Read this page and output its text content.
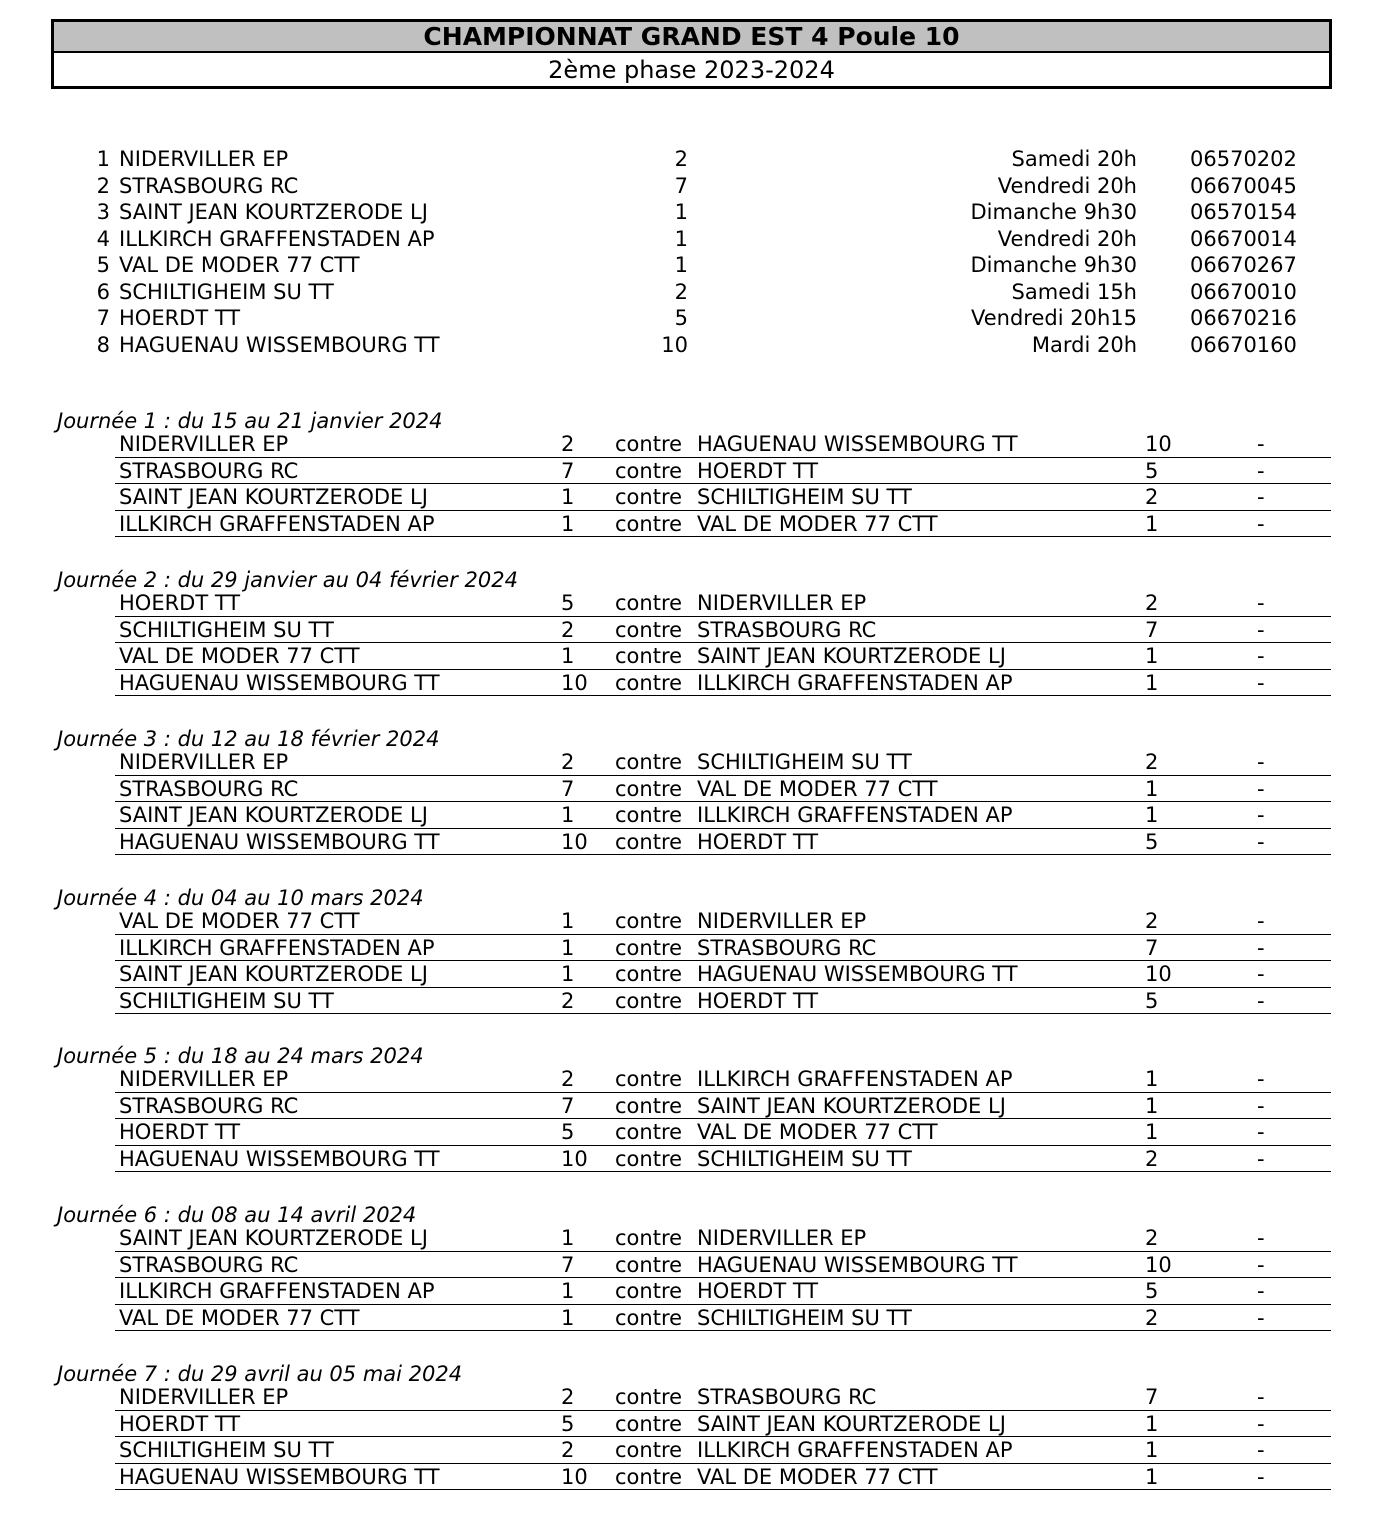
CHAMPIONNAT GRAND EST 4 Poule 10
2ème phase 2023-2024
1 NIDERVILLER EP	2	Samedi 20h	06570202
2 STRASBOURG RC	7	Vendredi 20h	06670045
3 SAINT JEAN KOURTZERODE LJ	1	Dimanche 9h30	06570154
4 ILLKIRCH GRAFFENSTADEN AP	1	Vendredi 20h	06670014
5 VAL DE MODER 77 CTT	1	Dimanche 9h30	06670267
6 SCHILTIGHEIM SU TT	2	Samedi 15h	06670010
7 HOERDT TT	5	Vendredi 20h15	06670216
8 HAGUENAU WISSEMBOURG TT	10	Mardi 20h	06670160
Journée 1 : du 15 au 21 janvier 2024
NIDERVILLER EP	2	contre HAGUENAU WISSEMBOURG TT	10	-
STRASBOURG RC	7	contre HOERDT TT	5	-
SAINT JEAN KOURTZERODE LJ	1	contre SCHILTIGHEIM SU TT	2	-
ILLKIRCH GRAFFENSTADEN AP	1	contre VAL DE MODER 77 CTT	1	-
Journée 2 : du 29 janvier au 04 février 2024
HOERDT TT	5	contre NIDERVILLER EP	2	-
SCHILTIGHEIM SU TT	2	contre STRASBOURG RC	7	-
VAL DE MODER 77 CTT	1	contre SAINT JEAN KOURTZERODE LJ	1	-
HAGUENAU WISSEMBOURG TT	10	contre ILLKIRCH GRAFFENSTADEN AP	1	-
Journée 3 : du 12 au 18 février 2024
NIDERVILLER EP	2	contre SCHILTIGHEIM SU TT	2	-
STRASBOURG RC	7	contre VAL DE MODER 77 CTT	1	-
SAINT JEAN KOURTZERODE LJ	1	contre ILLKIRCH GRAFFENSTADEN AP	1	-
HAGUENAU WISSEMBOURG TT	10	contre HOERDT TT	5	-
Journée 4 : du 04 au 10 mars 2024
VAL DE MODER 77 CTT	1	contre NIDERVILLER EP	2	-
ILLKIRCH GRAFFENSTADEN AP	1	contre STRASBOURG RC	7	-
SAINT JEAN KOURTZERODE LJ	1	contre HAGUENAU WISSEMBOURG TT	10	-
SCHILTIGHEIM SU TT	2	contre HOERDT TT	5	-
Journée 5 : du 18 au 24 mars 2024
NIDERVILLER EP	2	contre ILLKIRCH GRAFFENSTADEN AP	1	-
STRASBOURG RC	7	contre SAINT JEAN KOURTZERODE LJ	1	-
HOERDT TT	5	contre VAL DE MODER 77 CTT	1	-
HAGUENAU WISSEMBOURG TT	10	contre SCHILTIGHEIM SU TT	2	-
Journée 6 : du 08 au 14 avril 2024
SAINT JEAN KOURTZERODE LJ	1	contre NIDERVILLER EP	2	-
STRASBOURG RC	7	contre HAGUENAU WISSEMBOURG TT	10	-
ILLKIRCH GRAFFENSTADEN AP	1	contre HOERDT TT	5	-
VAL DE MODER 77 CTT	1	contre SCHILTIGHEIM SU TT	2	-
Journée 7 : du 29 avril au 05 mai 2024
NIDERVILLER EP	2	contre STRASBOURG RC	7	-
HOERDT TT	5	contre SAINT JEAN KOURTZERODE LJ	1	-
SCHILTIGHEIM SU TT	2	contre ILLKIRCH GRAFFENSTADEN AP	1	-
HAGUENAU WISSEMBOURG TT	10	contre VAL DE MODER 77 CTT	1	-
